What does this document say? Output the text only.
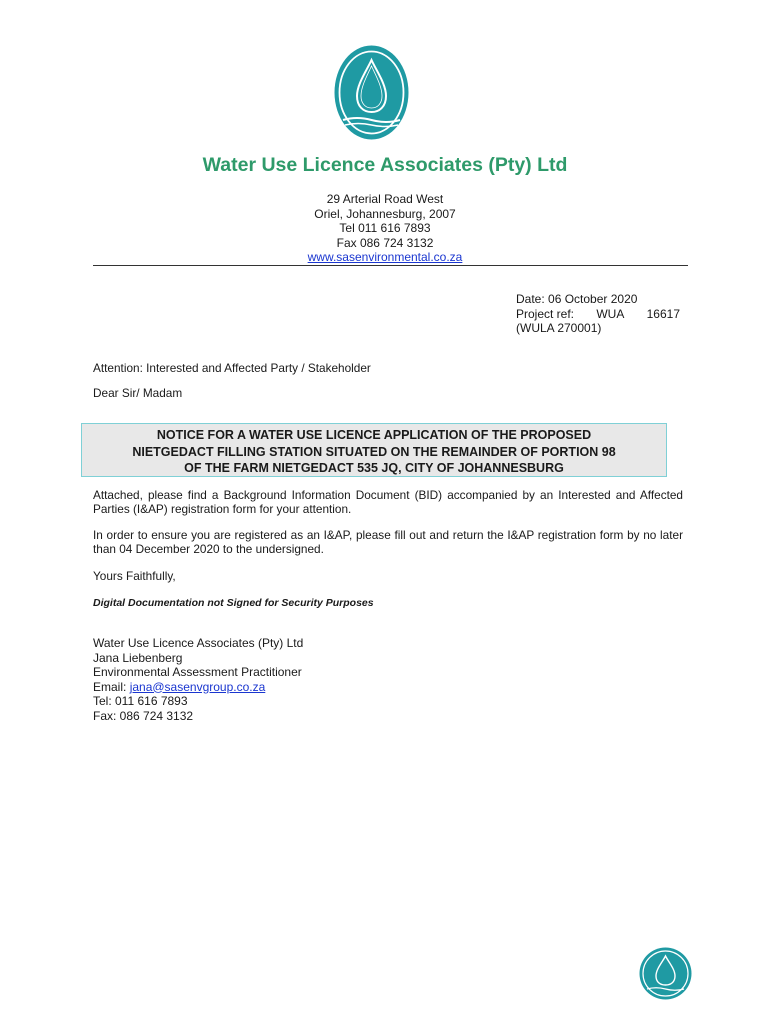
Water Use Licence Associates (Pty) Ltd
29 Arterial Road West
Oriel, Johannesburg, 2007
Tel 011 616 7893
Fax 086 724 3132
www.sasenvironmental.co.za
Date: 06 October 2020
Project ref: WUA 16617
(WULA 270001)
Attention: Interested and Affected Party / Stakeholder
Dear Sir/ Madam
NOTICE FOR A WATER USE LICENCE APPLICATION OF THE PROPOSED
NIETGEDACT FILLING STATION SITUATED ON THE REMAINDER OF PORTION 98
OF THE FARM NIETGEDACT 535 JQ, CITY OF JOHANNESBURG
Attached, please find a Background Information Document (BID) accompanied by an Interested and Affected Parties (I&AP) registration form for your attention.
In order to ensure you are registered as an I&AP, please fill out and return the I&AP registration form by no later than 04 December 2020 to the undersigned.
Yours Faithfully,
Digital Documentation not Signed for Security Purposes
Water Use Licence Associates (Pty) Ltd
Jana Liebenberg
Environmental Assessment Practitioner
Email: jana@sasenvgroup.co.za
Tel: 011 616 7893
Fax: 086 724 3132
